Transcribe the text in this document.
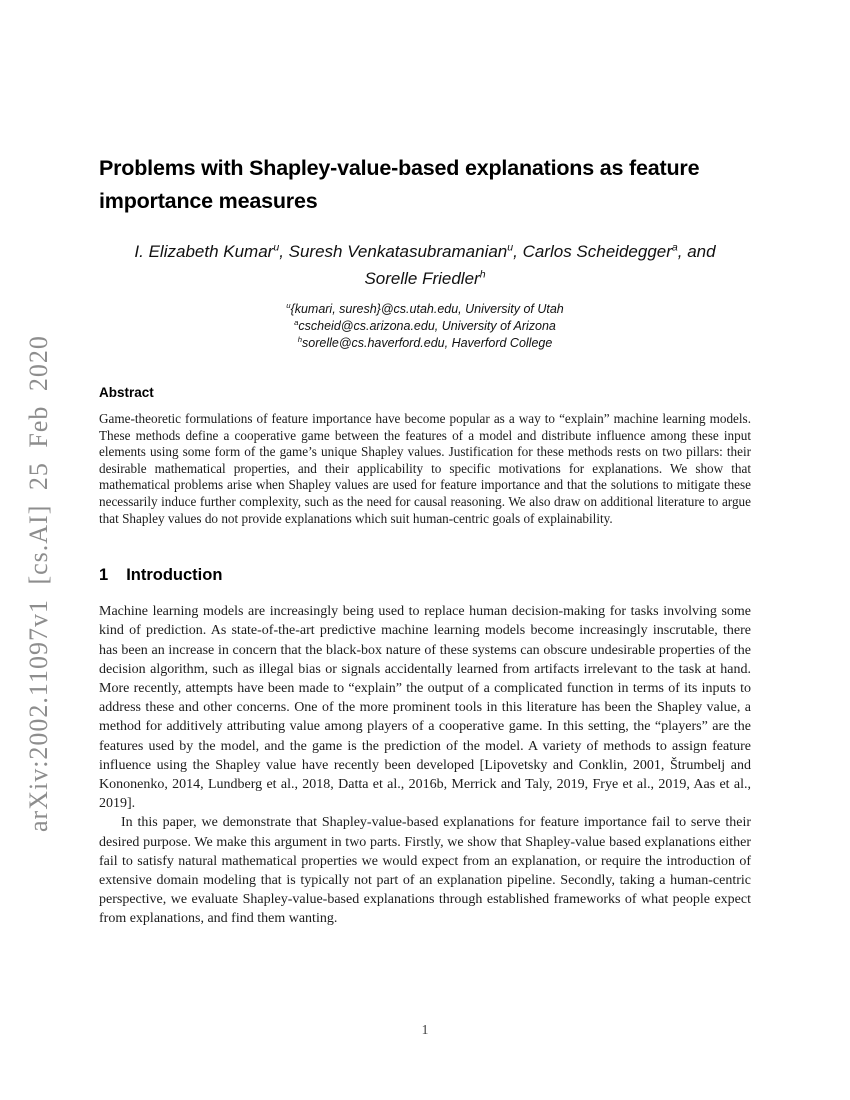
arXiv:2002.11097v1 [cs.AI] 25 Feb 2020
Problems with Shapley-value-based explanations as feature importance measures
I. Elizabeth Kumar$^u$, Suresh Venkatasubramanian$^u$, Carlos Scheidegger$^a$, and
Sorelle Friedler$^h$
$^u${kumari, suresh}@cs.utah.edu, University of Utah
$^a$cscheid@cs.arizona.edu, University of Arizona
$^h$sorelle@cs.haverford.edu, Haverford College
Abstract

Game-theoretic formulations of feature importance have become popular as a way to “explain” machine learning models. These methods define a cooperative game between the features of a model and distribute influence among these input elements using some form of the game’s unique Shapley values. Justification for these methods rests on two pillars: their desirable mathematical properties, and their applicability to specific motivations for explanations. We show that mathematical problems arise when Shapley values are used for feature importance and that the solutions to mitigate these necessarily induce further complexity, such as the need for causal reasoning. We also draw on additional literature to argue that Shapley values do not provide explanations which suit human-centric goals of explainability.

1 Introduction

Machine learning models are increasingly being used to replace human decision-making for tasks involving some kind of prediction. As state-of-the-art predictive machine learning models become increasingly inscrutable, there has been an increase in concern that the black-box nature of these systems can obscure undesirable properties of the decision algorithm, such as illegal bias or signals accidentally learned from artifacts irrelevant to the task at hand. More recently, attempts have been made to “explain” the output of a complicated function in terms of its inputs to address these and other concerns. One of the more prominent tools in this literature has been the Shapley value, a method for additively attributing value among players of a cooperative game. In this setting, the “players” are the features used by the model, and the game is the prediction of the model. A variety of methods to assign feature influence using the Shapley value have recently been developed [Lipovetsky and Conklin, 2001, Štrumbelj and Kononenko, 2014, Lundberg et al., 2018, Datta et al., 2016b, Merrick and Taly, 2019, Frye et al., 2019, Aas et al., 2019].

In this paper, we demonstrate that Shapley-value-based explanations for feature importance fail to serve their desired purpose. We make this argument in two parts. Firstly, we show that Shapley-value based explanations either fail to satisfy natural mathematical properties we would expect from an explanation, or require the introduction of extensive domain modeling that is typically not part of an explanation pipeline. Secondly, taking a human-centric perspective, we evaluate Shapley-value-based explanations through established frameworks of what people expect from explanations, and find them wanting.

1
